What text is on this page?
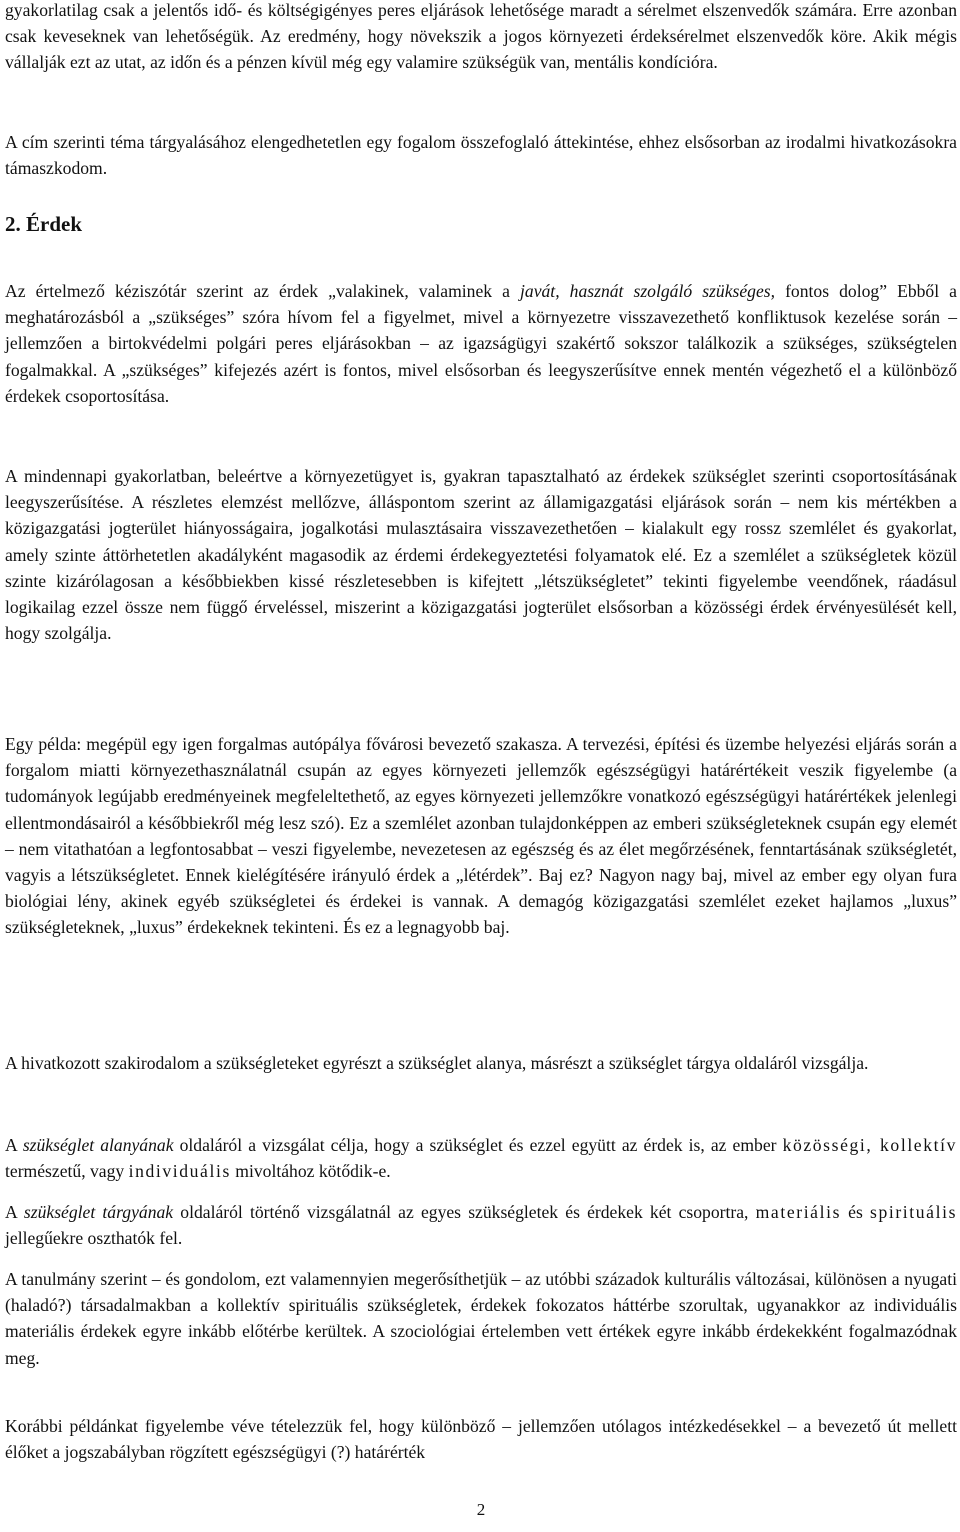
gyakorlatilag csak a jelentős idő- és költségigényes peres eljárások lehetősége maradt a sérelmet elszenvedők számára. Erre azonban csak keveseknek van lehetőségük. Az eredmény, hogy növekszik a jogos környezeti érdeksérelmet elszenvedők köre. Akik mégis vállalják ezt az utat, az időn és a pénzen kívül még egy valamire szükségük van, mentális kondícióra.

A cím szerinti téma tárgyalásához elengedhetetlen egy fogalom összefoglaló áttekintése, ehhez elsősorban az irodalmi hivatkozásokra támaszkodom.

2. Érdek

Az értelmező kéziszótár szerint az érdek „valakinek, valaminek a javát, hasznát szolgáló szükséges, fontos dolog” Ebből a meghatározásból a „szükséges” szóra hívom fel a figyelmet, mivel a környezetre visszavezethető konfliktusok kezelése során – jellemzően a birtokvédelmi polgári peres eljárásokban – az igazságügyi szakértő sokszor találkozik a szükséges, szükségtelen fogalmakkal. A „szükséges” kifejezés azért is fontos, mivel elsősorban és leegyszerűsítve ennek mentén végezhető el a különböző érdekek csoportosítása.

A mindennapi gyakorlatban, beleértve a környezetügyet is, gyakran tapasztalható az érdekek szükséglet szerinti csoportosításának leegyszerűsítése. A részletes elemzést mellőzve, álláspontom szerint az államigazgatási eljárások során – nem kis mértékben a közigazgatási jogterület hiányosságaira, jogalkotási mulasztásaira visszavezethetően – kialakult egy rossz szemlélet és gyakorlat, amely szinte áttörhetetlen akadályként magasodik az érdemi érdekegyeztetési folyamatok elé. Ez a szemlélet a szükségletek közül szinte kizárólagosan a későbbiekben kissé részletesebben is kifejtett „létszükségletet” tekinti figyelembe veendőnek, ráadásul logikailag ezzel össze nem függő érveléssel, miszerint a közigazgatási jogterület elsősorban a közösségi érdek érvényesülését kell, hogy szolgálja.

Egy példa: megépül egy igen forgalmas autópálya fővárosi bevezető szakasza. A tervezési, építési és üzembe helyezési eljárás során a forgalom miatti környezethasználatnál csupán az egyes környezeti jellemzők egészségügyi határértékeit veszik figyelembe (a tudományok legújabb eredményeinek megfeleltethető, az egyes környezeti jellemzőkre vonatkozó egészségügyi határértékek jelenlegi ellentmondásairól a későbbiekről még lesz szó). Ez a szemlélet azonban tulajdonképpen az emberi szükségleteknek csupán egy elemét – nem vitathatóan a legfontosabbat – veszi figyelembe, nevezetesen az egészség és az élet megőrzésének, fenntartásának szükségletét, vagyis a létszükségletet. Ennek kielégítésére irányuló érdek a „létérdek”. Baj ez? Nagyon nagy baj, mivel az ember egy olyan fura biológiai lény, akinek egyéb szükségletei és érdekei is vannak. A demagóg közigazgatási szemlélet ezeket hajlamos „luxus” szükségleteknek, „luxus” érdekeknek tekinteni. És ez a legnagyobb baj.

A hivatkozott szakirodalom a szükségleteket egyrészt a szükséglet alanya, másrészt a szükséglet tárgya oldaláról vizsgálja.

A szükséglet alanyának oldaláról a vizsgálat célja, hogy a szükséglet és ezzel együtt az érdek is, az ember közösségi, kollektív természetű, vagy individuális mivoltához kötődik-e.

A szükséglet tárgyának oldaláról történő vizsgálatnál az egyes szükségletek és érdekek két csoportra, materiális és spirituális jellegűekre oszthatók fel.

A tanulmány szerint – és gondolom, ezt valamennyien megerősíthetjük – az utóbbi századok kulturális változásai, különösen a nyugati (haladó?) társadalmakban a kollektív spirituális szükségletek, érdekek fokozatos háttérbe szorultak, ugyanakkor az individuális materiális érdekek egyre inkább előtérbe kerültek. A szociológiai értelemben vett értékek egyre inkább érdekekként fogalmazódnak meg.

Korábbi példánkat figyelembe véve tételezzük fel, hogy különböző – jellemzően utólagos intézkedésekkel – a bevezető út mellett élőket a jogszabályban rögzített egészségügyi (?) határérték

2
